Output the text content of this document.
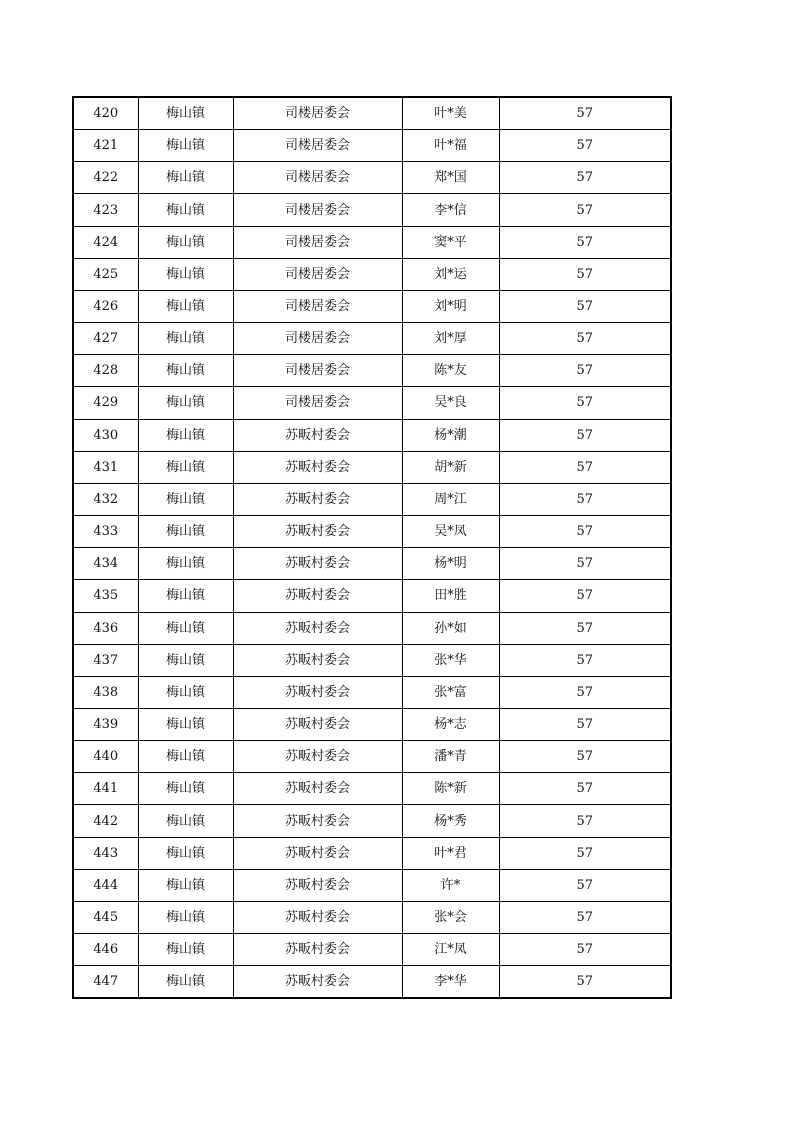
420	梅山镇	司楼居委会	叶*美	57
421	梅山镇	司楼居委会	叶*福	57
422	梅山镇	司楼居委会	郑*国	57
423	梅山镇	司楼居委会	李*信	57
424	梅山镇	司楼居委会	窦*平	57
425	梅山镇	司楼居委会	刘*运	57
426	梅山镇	司楼居委会	刘*明	57
427	梅山镇	司楼居委会	刘*厚	57
428	梅山镇	司楼居委会	陈*友	57
429	梅山镇	司楼居委会	吴*良	57
430	梅山镇	苏畈村委会	杨*潮	57
431	梅山镇	苏畈村委会	胡*新	57
432	梅山镇	苏畈村委会	周*江	57
433	梅山镇	苏畈村委会	吴*凤	57
434	梅山镇	苏畈村委会	杨*明	57
435	梅山镇	苏畈村委会	田*胜	57
436	梅山镇	苏畈村委会	孙*如	57
437	梅山镇	苏畈村委会	张*华	57
438	梅山镇	苏畈村委会	张*富	57
439	梅山镇	苏畈村委会	杨*志	57
440	梅山镇	苏畈村委会	潘*青	57
441	梅山镇	苏畈村委会	陈*新	57
442	梅山镇	苏畈村委会	杨*秀	57
443	梅山镇	苏畈村委会	叶*君	57
444	梅山镇	苏畈村委会	许*	57
445	梅山镇	苏畈村委会	张*会	57
446	梅山镇	苏畈村委会	江*凤	57
447	梅山镇	苏畈村委会	李*华	57
